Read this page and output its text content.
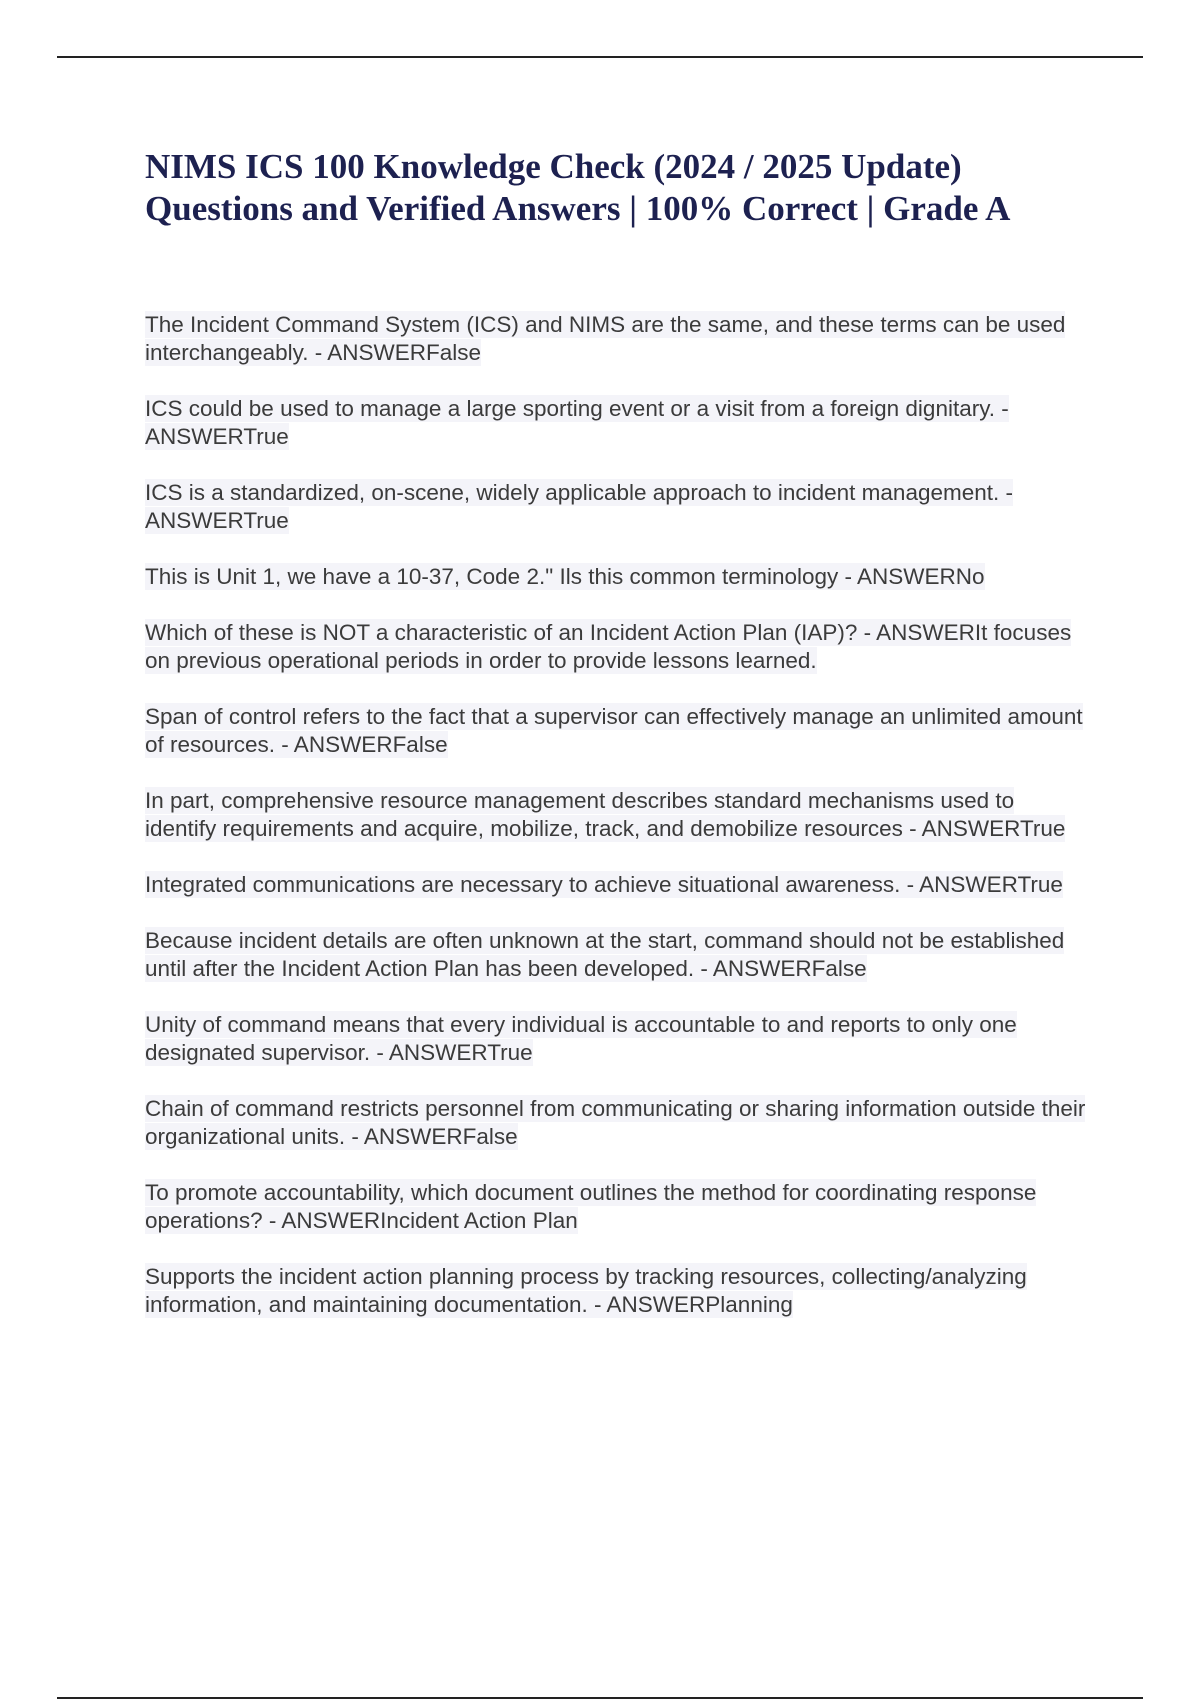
NIMS ICS 100 Knowledge Check (2024 / 2025 Update) Questions and Verified Answers | 100% Correct | Grade A
The Incident Command System (ICS) and NIMS are the same, and these terms can be used interchangeably. - ANSWERFalse
ICS could be used to manage a large sporting event or a visit from a foreign dignitary. - ANSWERTrue
ICS is a standardized, on-scene, widely applicable approach to incident management. - ANSWERTrue
This is Unit 1, we have a 10-37, Code 2." Ils this common terminology - ANSWERNo
Which of these is NOT a characteristic of an Incident Action Plan (IAP)? - ANSWERIt focuses on previous operational periods in order to provide lessons learned.
Span of control refers to the fact that a supervisor can effectively manage an unlimited amount of resources. - ANSWERFalse
In part, comprehensive resource management describes standard mechanisms used to identify requirements and acquire, mobilize, track, and demobilize resources - ANSWERTrue
Integrated communications are necessary to achieve situational awareness. - ANSWERTrue
Because incident details are often unknown at the start, command should not be established until after the Incident Action Plan has been developed. - ANSWERFalse
Unity of command means that every individual is accountable to and reports to only one designated supervisor. - ANSWERTrue
Chain of command restricts personnel from communicating or sharing information outside their organizational units. - ANSWERFalse
To promote accountability, which document outlines the method for coordinating response operations? - ANSWERIncident Action Plan
Supports the incident action planning process by tracking resources, collecting/analyzing information, and maintaining documentation. - ANSWERPlanning
